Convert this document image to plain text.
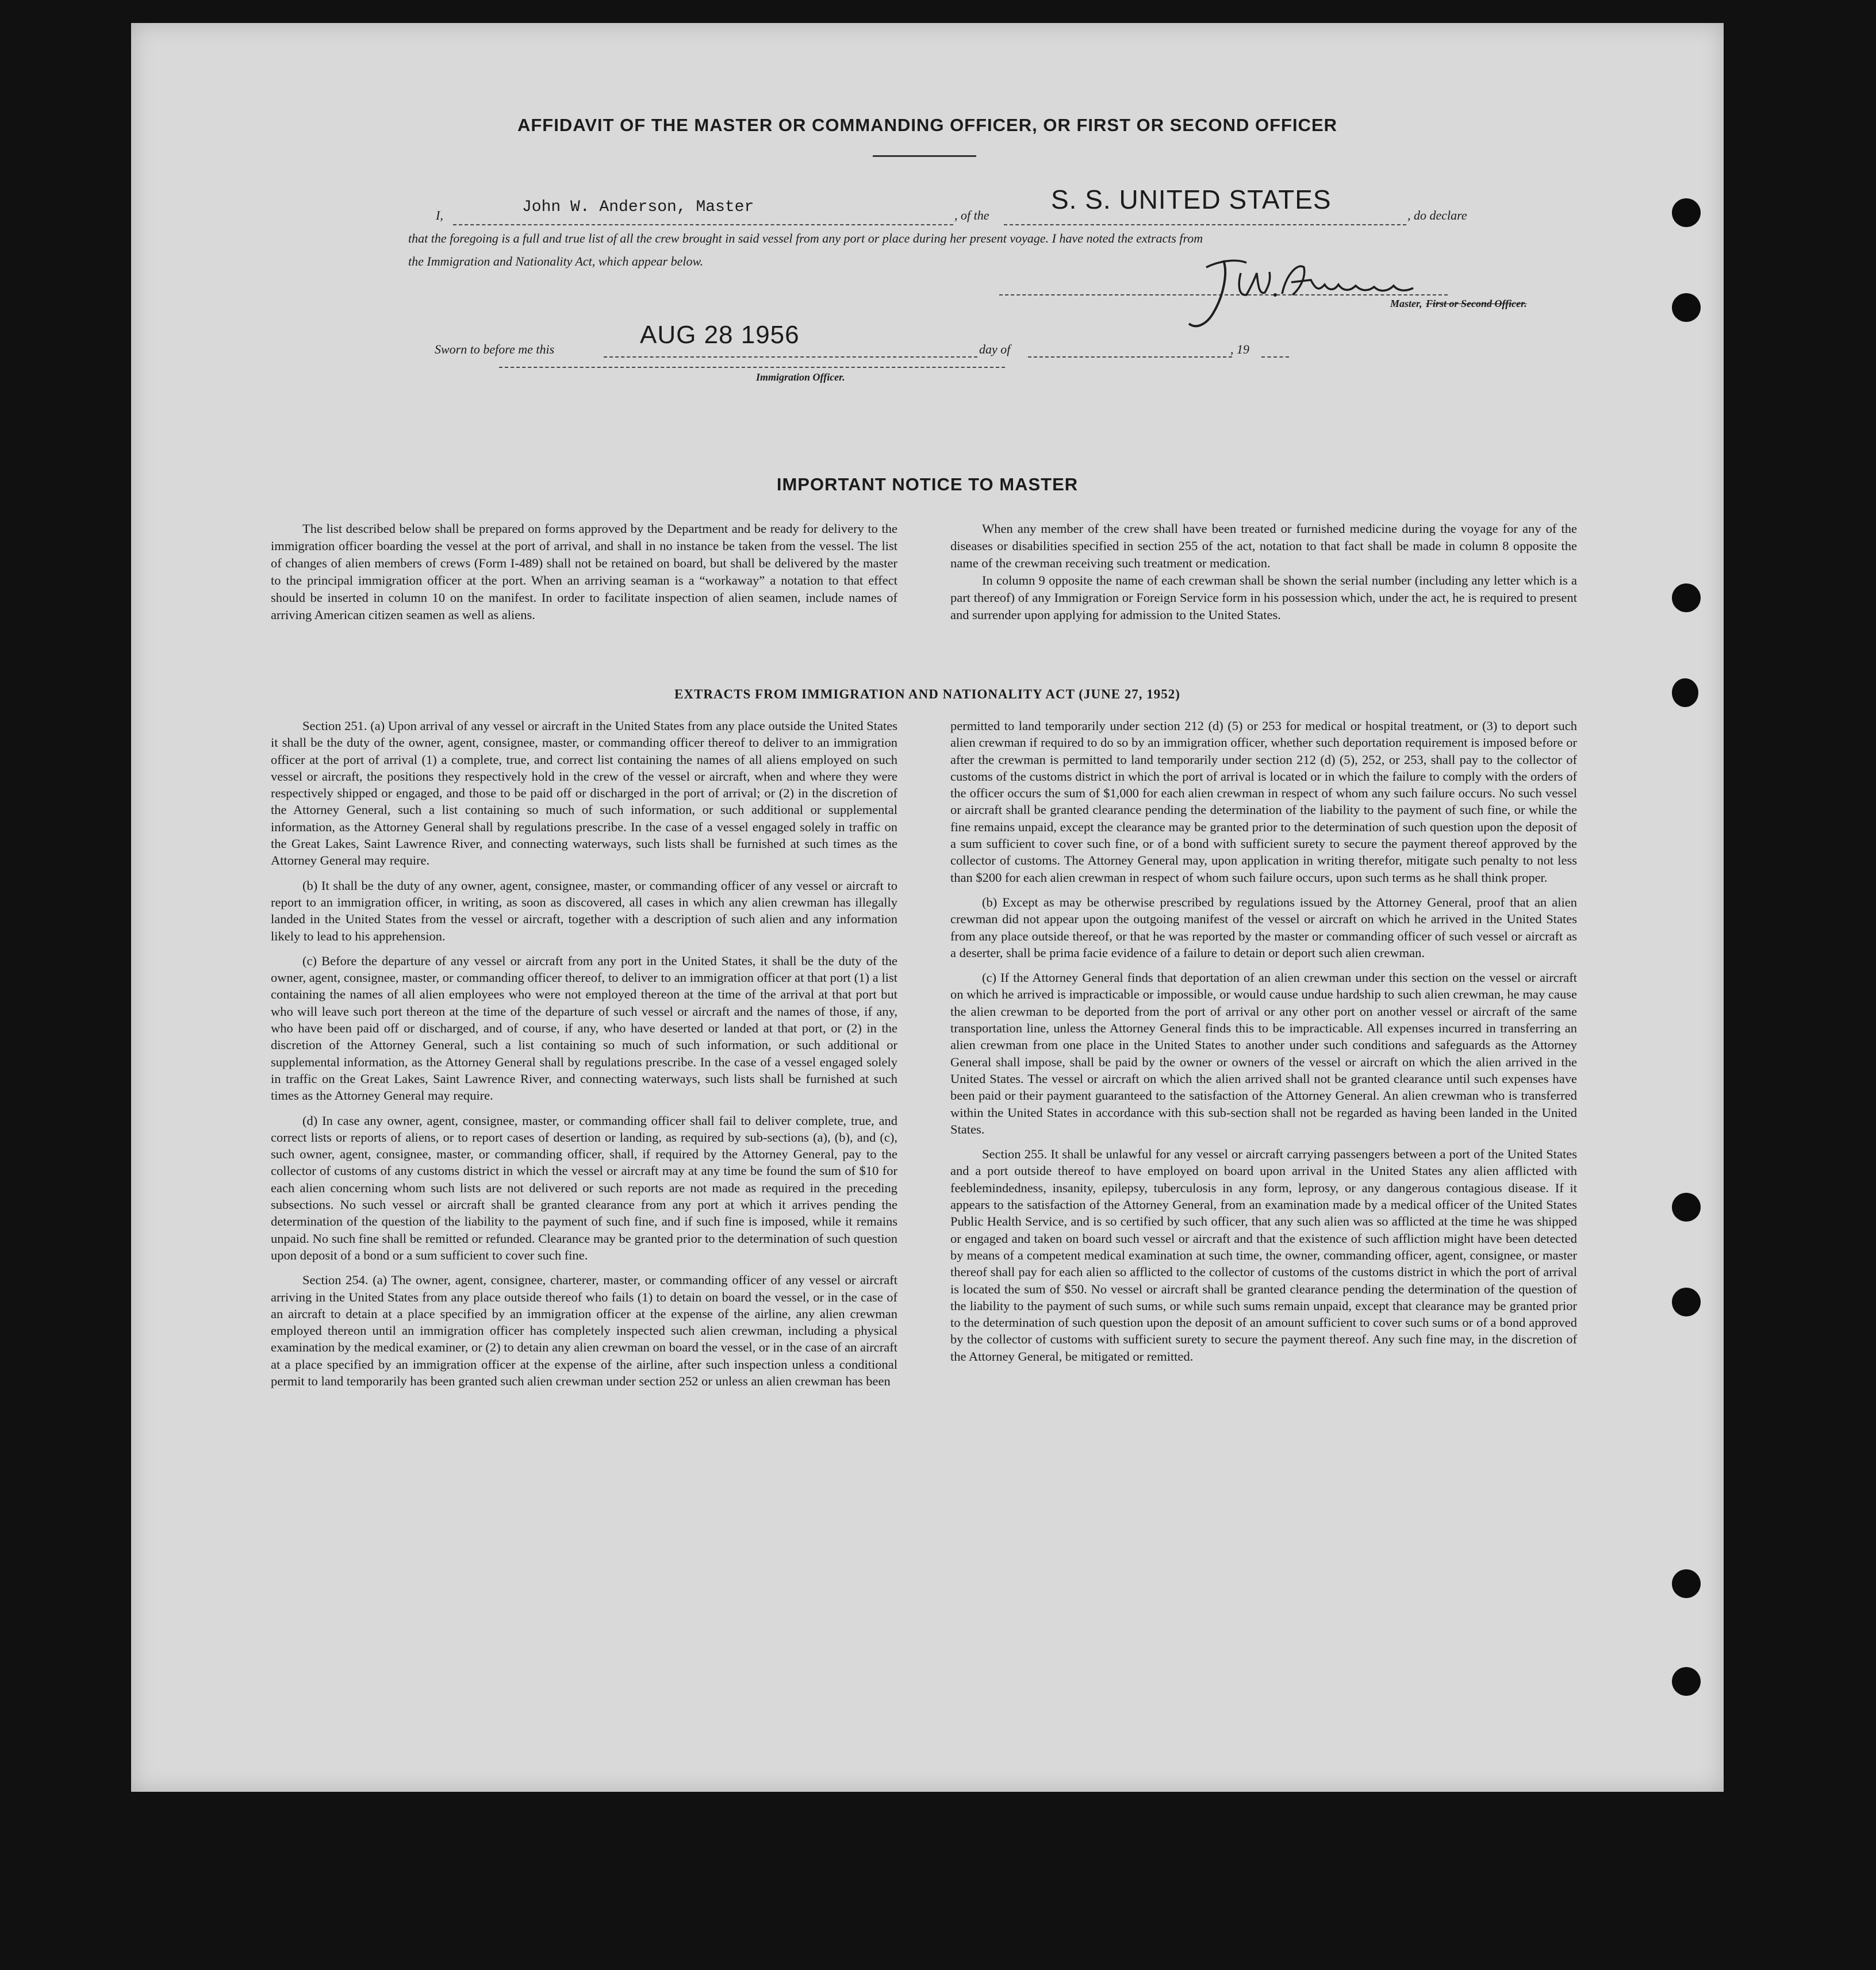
AFFIDAVIT OF THE MASTER OR COMMANDING OFFICER, OR FIRST OR SECOND OFFICER
I,	John W. Anderson, Master	, of the
S. S. UNITED STATES
, do declare
that the foregoing is a full and true list of all the crew brought in said vessel from any port or place during her present voyage. I have noted the extracts from
the Immigration and Nationality Act, which appear below.
Master, First or Second Officer.
Sworn to before me this
AUG 28 1956
day of	, 19
Immigration Officer.
IMPORTANT NOTICE TO MASTER

The list described below shall be prepared on forms approved by the Department and be ready for delivery to the immigration officer boarding the vessel at the port of arrival, and shall in no instance be taken from the vessel. The list of changes of alien members of crews (Form I-489) shall not be retained on board, but shall be delivered by the master to the principal immigration officer at the port. When an arriving seaman is a “workaway” a notation to that effect should be inserted in column 10 on the manifest. In order to facilitate inspection of alien seamen, include names of arriving American citizen seamen as well as aliens.

When any member of the crew shall have been treated or furnished medicine during the voyage for any of the diseases or disabilities specified in section 255 of the act, notation to that fact shall be made in column 8 opposite the name of the crewman receiving such treatment or medication.

In column 9 opposite the name of each crewman shall be shown the serial number (including any letter which is a part thereof) of any Immigration or Foreign Service form in his possession which, under the act, he is required to present and surrender upon applying for admission to the United States.

EXTRACTS FROM IMMIGRATION AND NATIONALITY ACT (JUNE 27, 1952)

Section 251. (a) Upon arrival of any vessel or aircraft in the United States from any place outside the United States it shall be the duty of the owner, agent, consignee, master, or commanding officer thereof to deliver to an immigration officer at the port of arrival (1) a complete, true, and correct list containing the names of all aliens employed on such vessel or aircraft, the positions they respectively hold in the crew of the vessel or aircraft, when and where they were respectively shipped or engaged, and those to be paid off or discharged in the port of arrival; or (2) in the discretion of the Attorney General, such a list containing so much of such information, or such additional or supplemental information, as the Attorney General shall by regulations prescribe. In the case of a vessel engaged solely in traffic on the Great Lakes, Saint Lawrence River, and connecting waterways, such lists shall be furnished at such times as the Attorney General may require.

(b) It shall be the duty of any owner, agent, consignee, master, or commanding officer of any vessel or aircraft to report to an immigration officer, in writing, as soon as discovered, all cases in which any alien crewman has illegally landed in the United States from the vessel or aircraft, together with a description of such alien and any information likely to lead to his apprehension.

(c) Before the departure of any vessel or aircraft from any port in the United States, it shall be the duty of the owner, agent, consignee, master, or commanding officer thereof, to deliver to an immigration officer at that port (1) a list containing the names of all alien employees who were not employed thereon at the time of the arrival at that port but who will leave such port thereon at the time of the departure of such vessel or aircraft and the names of those, if any, who have been paid off or discharged, and of course, if any, who have deserted or landed at that port, or (2) in the discretion of the Attorney General, such a list containing so much of such information, or such additional or supplemental information, as the Attorney General shall by regulations prescribe. In the case of a vessel engaged solely in traffic on the Great Lakes, Saint Lawrence River, and connecting waterways, such lists shall be furnished at such times as the Attorney General may require.

(d) In case any owner, agent, consignee, master, or commanding officer shall fail to deliver complete, true, and correct lists or reports of aliens, or to report cases of desertion or landing, as required by sub-sections (a), (b), and (c), such owner, agent, consignee, master, or commanding officer, shall, if required by the Attorney General, pay to the collector of customs of any customs district in which the vessel or aircraft may at any time be found the sum of $10 for each alien concerning whom such lists are not delivered or such reports are not made as required in the preceding subsections. No such vessel or aircraft shall be granted clearance from any port at which it arrives pending the determination of the question of the liability to the payment of such fine, and if such fine is imposed, while it remains unpaid. No such fine shall be remitted or refunded. Clearance may be granted prior to the determination of such question upon deposit of a bond or a sum sufficient to cover such fine.

Section 254. (a) The owner, agent, consignee, charterer, master, or commanding officer of any vessel or aircraft arriving in the United States from any place outside thereof who fails (1) to detain on board the vessel, or in the case of an aircraft to detain at a place specified by an immigration officer at the expense of the airline, any alien crewman employed thereon until an immigration officer has completely inspected such alien crewman, including a physical examination by the medical examiner, or (2) to detain any alien crewman on board the vessel, or in the case of an aircraft at a place specified by an immigration officer at the expense of the airline, after such inspection unless a conditional permit to land temporarily has been granted such alien crewman under section 252 or unless an alien crewman has been

permitted to land temporarily under section 212 (d) (5) or 253 for medical or hospital treatment, or (3) to deport such alien crewman if required to do so by an immigration officer, whether such deportation requirement is imposed before or after the crewman is permitted to land temporarily under section 212 (d) (5), 252, or 253, shall pay to the collector of customs of the customs district in which the port of arrival is located or in which the failure to comply with the orders of the officer occurs the sum of $1,000 for each alien crewman in respect of whom any such failure occurs. No such vessel or aircraft shall be granted clearance pending the determination of the liability to the payment of such fine, or while the fine remains unpaid, except the clearance may be granted prior to the determination of such question upon the deposit of a sum sufficient to cover such fine, or of a bond with sufficient surety to secure the payment thereof approved by the collector of customs. The Attorney General may, upon application in writing therefor, mitigate such penalty to not less than $200 for each alien crewman in respect of whom such failure occurs, upon such terms as he shall think proper.

(b) Except as may be otherwise prescribed by regulations issued by the Attorney General, proof that an alien crewman did not appear upon the outgoing manifest of the vessel or aircraft on which he arrived in the United States from any place outside thereof, or that he was reported by the master or commanding officer of such vessel or aircraft as a deserter, shall be prima facie evidence of a failure to detain or deport such alien crewman.

(c) If the Attorney General finds that deportation of an alien crewman under this section on the vessel or aircraft on which he arrived is impracticable or impossible, or would cause undue hardship to such alien crewman, he may cause the alien crewman to be deported from the port of arrival or any other port on another vessel or aircraft of the same transportation line, unless the Attorney General finds this to be impracticable. All expenses incurred in transferring an alien crewman from one place in the United States to another under such conditions and safeguards as the Attorney General shall impose, shall be paid by the owner or owners of the vessel or aircraft on which the alien arrived in the United States. The vessel or aircraft on which the alien arrived shall not be granted clearance until such expenses have been paid or their payment guaranteed to the satisfaction of the Attorney General. An alien crewman who is transferred within the United States in accordance with this sub-section shall not be regarded as having been landed in the United States.

Section 255. It shall be unlawful for any vessel or aircraft carrying passengers between a port of the United States and a port outside thereof to have employed on board upon arrival in the United States any alien afflicted with feeblemindedness, insanity, epilepsy, tuberculosis in any form, leprosy, or any dangerous contagious disease. If it appears to the satisfaction of the Attorney General, from an examination made by a medical officer of the United States Public Health Service, and is so certified by such officer, that any such alien was so afflicted at the time he was shipped or engaged and taken on board such vessel or aircraft and that the existence of such affliction might have been detected by means of a competent medical examination at such time, the owner, commanding officer, agent, consignee, or master thereof shall pay for each alien so afflicted to the collector of customs of the customs district in which the port of arrival is located the sum of $50. No vessel or aircraft shall be granted clearance pending the determination of the question of the liability to the payment of such sums, or while such sums remain unpaid, except that clearance may be granted prior to the determination of such question upon the deposit of an amount sufficient to cover such sums or of a bond approved by the collector of customs with sufficient surety to secure the payment thereof. Any such fine may, in the discretion of the Attorney General, be mitigated or remitted.
